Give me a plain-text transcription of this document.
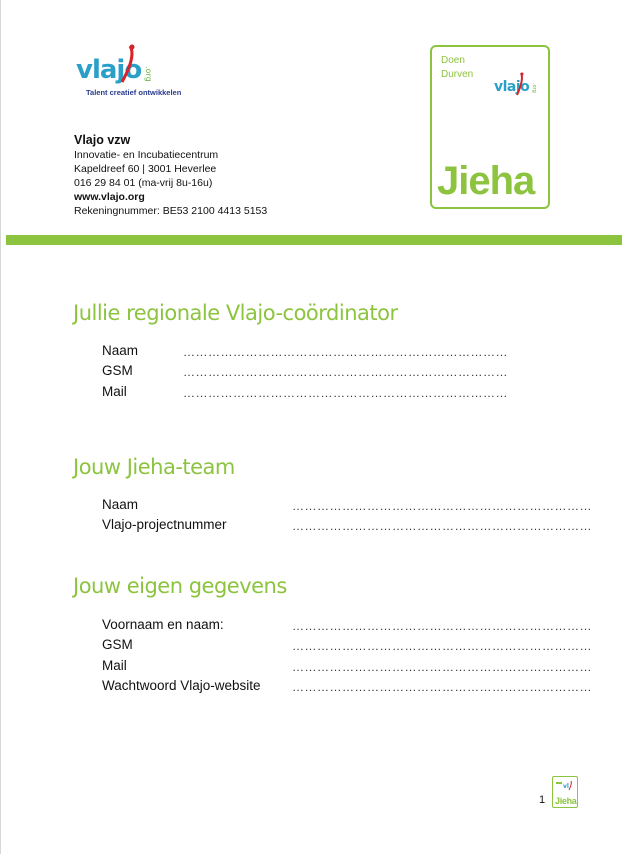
vlajo .org
Talent creatief ontwikkelen
Vlajo vzw
Innovatie- en Incubatiecentrum
Kapeldreef 60 | 3001 Heverlee
016 29 84 01 (ma-vrij 8u-16u)
www.vlajo.org
Rekeningnummer: BE53 2100 4413 5153
Doen
Durven
vlajo .org
Jieha
Jullie regionale Vlajo-coördinator
Naam	……………………………………………………………………
GSM	……………………………………………………………………
Mail	……………………………………………………………………
Jouw Jieha-team
Naam	………………………………………………………………
Vlajo-projectnummer	………………………………………………………………
Jouw eigen gegevens
Voornaam en naam:	………………………………………………………………
GSM	………………………………………………………………
Mail	………………………………………………………………
Wachtwoord Vlajo-website	………………………………………………………………
1
vl
Jieha
